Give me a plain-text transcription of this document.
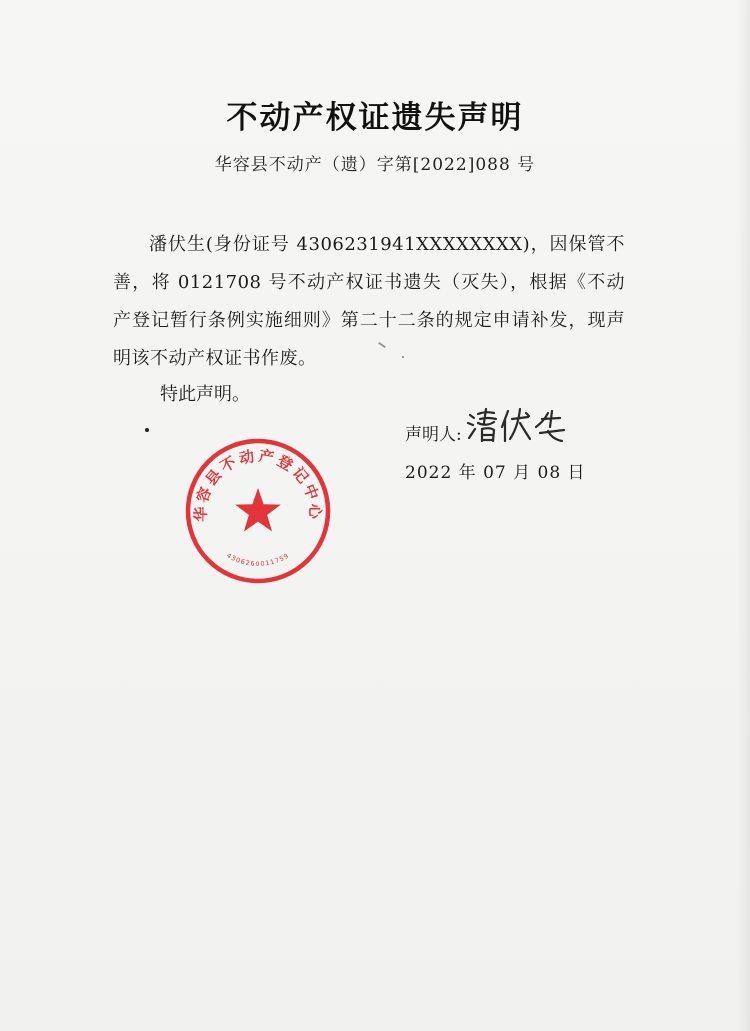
不动产权证遗失声明
华容县不动产（遗）字第[2022]088 号

潘伏生(身份证号 4306231941XXXXXXXX)，因保管不善，将 0121708 号不动产权证书遗失（灭失），根据《不动产登记暂行条例实施细则》第二十二条的规定申请补发，现声明该不动产权证书作废。

特此声明。
声明人:
2022 年 07 月 08 日
华容县不动产登记中心
4306260011759
